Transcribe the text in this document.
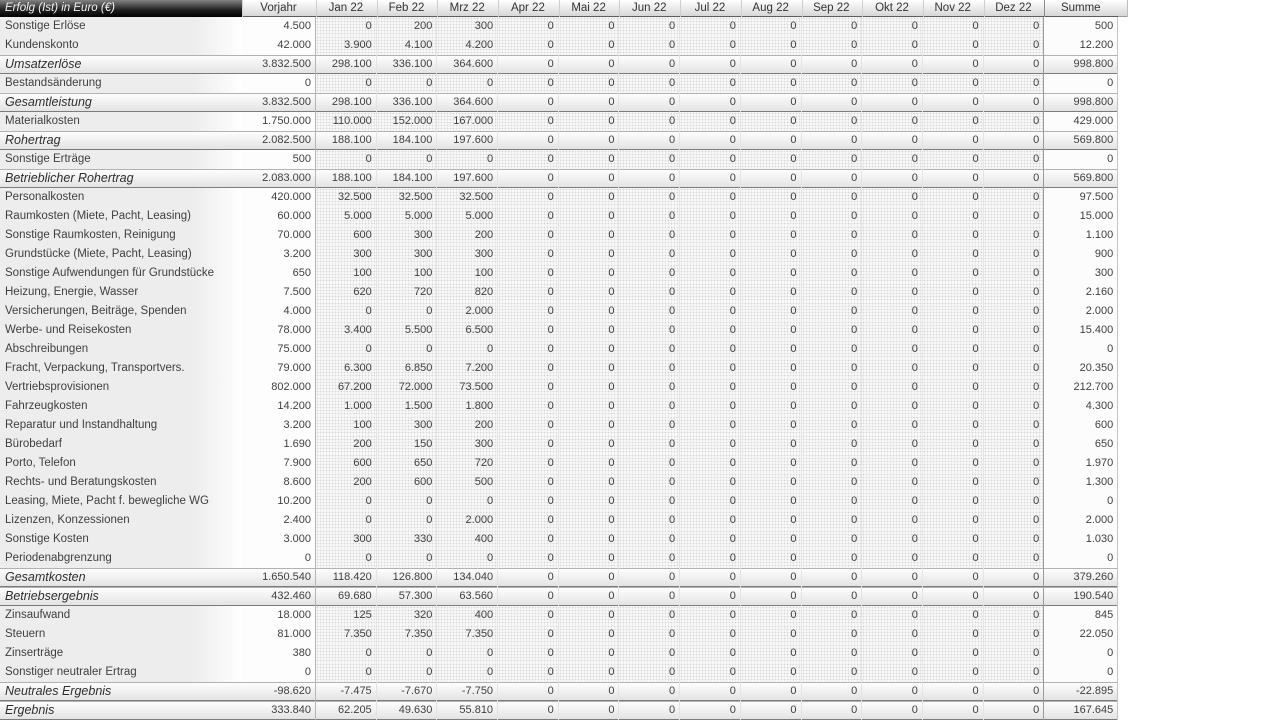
Erfolg (Ist) in Euro (€)	Vorjahr	Jan 22	Feb 22	Mrz 22	Apr 22	Mai 22	Jun 22	Jul 22	Aug 22	Sep 22	Okt 22	Nov 22	Dez 22	Summe
Sonstige Erlöse	4.500	0	200	300	0	0	0	0	0	0	0	0	0	500
Kundenskonto	42.000	3.900	4.100	4.200	0	0	0	0	0	0	0	0	0	12.200
Umsatzerlöse	3.832.500	298.100	336.100	364.600	0	0	0	0	0	0	0	0	0	998.800
Bestandsänderung	0	0	0	0	0	0	0	0	0	0	0	0	0	0
Gesamtleistung	3.832.500	298.100	336.100	364.600	0	0	0	0	0	0	0	0	0	998.800
Materialkosten	1.750.000	110.000	152.000	167.000	0	0	0	0	0	0	0	0	0	429.000
Rohertrag	2.082.500	188.100	184.100	197.600	0	0	0	0	0	0	0	0	0	569.800
Sonstige Erträge	500	0	0	0	0	0	0	0	0	0	0	0	0	0
Betrieblicher Rohertrag	2.083.000	188.100	184.100	197.600	0	0	0	0	0	0	0	0	0	569.800
Personalkosten	420.000	32.500	32.500	32.500	0	0	0	0	0	0	0	0	0	97.500
Raumkosten (Miete, Pacht, Leasing)	60.000	5.000	5.000	5.000	0	0	0	0	0	0	0	0	0	15.000
Sonstige Raumkosten, Reinigung	70.000	600	300	200	0	0	0	0	0	0	0	0	0	1.100
Grundstücke (Miete, Pacht, Leasing)	3.200	300	300	300	0	0	0	0	0	0	0	0	0	900
Sonstige Aufwendungen für Grundstücke	650	100	100	100	0	0	0	0	0	0	0	0	0	300
Heizung, Energie, Wasser	7.500	620	720	820	0	0	0	0	0	0	0	0	0	2.160
Versicherungen, Beiträge, Spenden	4.000	0	0	2.000	0	0	0	0	0	0	0	0	0	2.000
Werbe- und Reisekosten	78.000	3.400	5.500	6.500	0	0	0	0	0	0	0	0	0	15.400
Abschreibungen	75.000	0	0	0	0	0	0	0	0	0	0	0	0	0
Fracht, Verpackung, Transportvers.	79.000	6.300	6.850	7.200	0	0	0	0	0	0	0	0	0	20.350
Vertriebsprovisionen	802.000	67.200	72.000	73.500	0	0	0	0	0	0	0	0	0	212.700
Fahrzeugkosten	14.200	1.000	1.500	1.800	0	0	0	0	0	0	0	0	0	4.300
Reparatur und Instandhaltung	3.200	100	300	200	0	0	0	0	0	0	0	0	0	600
Bürobedarf	1.690	200	150	300	0	0	0	0	0	0	0	0	0	650
Porto, Telefon	7.900	600	650	720	0	0	0	0	0	0	0	0	0	1.970
Rechts- und Beratungskosten	8.600	200	600	500	0	0	0	0	0	0	0	0	0	1.300
Leasing, Miete, Pacht f. bewegliche WG	10.200	0	0	0	0	0	0	0	0	0	0	0	0	0
Lizenzen, Konzessionen	2.400	0	0	2.000	0	0	0	0	0	0	0	0	0	2.000
Sonstige Kosten	3.000	300	330	400	0	0	0	0	0	0	0	0	0	1.030
Periodenabgrenzung	0	0	0	0	0	0	0	0	0	0	0	0	0	0
Gesamtkosten	1.650.540	118.420	126.800	134.040	0	0	0	0	0	0	0	0	0	379.260
Betriebsergebnis	432.460	69.680	57.300	63.560	0	0	0	0	0	0	0	0	0	190.540
Zinsaufwand	18.000	125	320	400	0	0	0	0	0	0	0	0	0	845
Steuern	81.000	7.350	7.350	7.350	0	0	0	0	0	0	0	0	0	22.050
Zinserträge	380	0	0	0	0	0	0	0	0	0	0	0	0	0
Sonstiger neutraler Ertrag	0	0	0	0	0	0	0	0	0	0	0	0	0	0
Neutrales Ergebnis	-98.620	-7.475	-7.670	-7.750	0	0	0	0	0	0	0	0	0	-22.895
Ergebnis	333.840	62.205	49.630	55.810	0	0	0	0	0	0	0	0	0	167.645
